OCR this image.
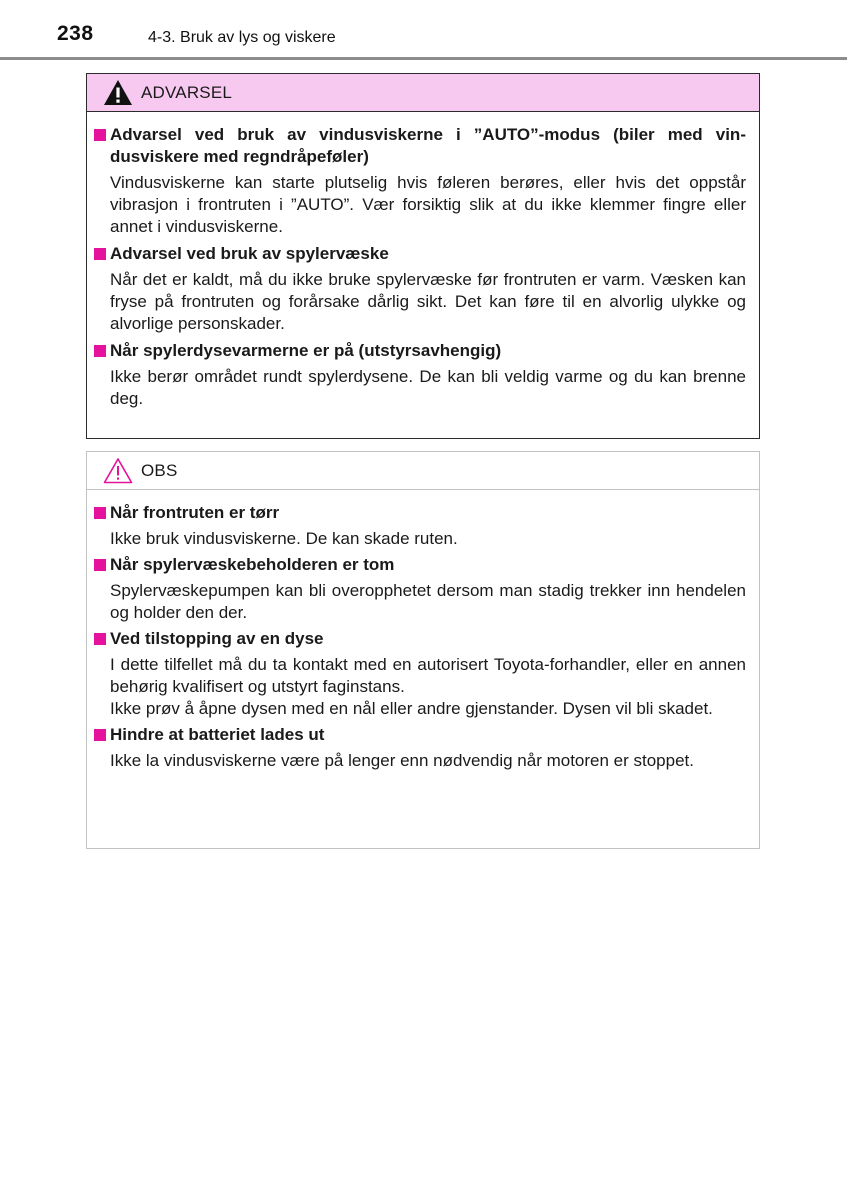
238	4-3. Bruk av lys og viskere
ADVARSEL
Advarsel ved bruk av vindusviskerne i ”AUTO”-modus (biler med vindusviskere med regndråpeføler)

Vindusviskerne kan starte plutselig hvis føleren berøres, eller hvis det oppstår vibrasjon i frontruten i ”AUTO”. Vær forsiktig slik at du ikke klemmer fingre eller annet i vindusviskerne.

Advarsel ved bruk av spylervæske

Når det er kaldt, må du ikke bruke spylervæske før frontruten er varm. Væsken kan fryse på frontruten og forårsake dårlig sikt. Det kan føre til en alvorlig ulykke og alvorlige personskader.

Når spylerdysevarmerne er på (utstyrsavhengig)

Ikke berør området rundt spylerdysene. De kan bli veldig varme og du kan brenne deg.

OBS
Når frontruten er tørr

Ikke bruk vindusviskerne. De kan skade ruten.

Når spylervæskebeholderen er tom

Spylervæskepumpen kan bli overopphetet dersom man stadig trekker inn hendelen og holder den der.

Ved tilstopping av en dyse

I dette tilfellet må du ta kontakt med en autorisert Toyota-forhandler, eller en annen behørig kvalifisert og utstyrt faginstans.

Ikke prøv å åpne dysen med en nål eller andre gjenstander. Dysen vil bli skadet.

Hindre at batteriet lades ut

Ikke la vindusviskerne være på lenger enn nødvendig når motoren er stoppet.
